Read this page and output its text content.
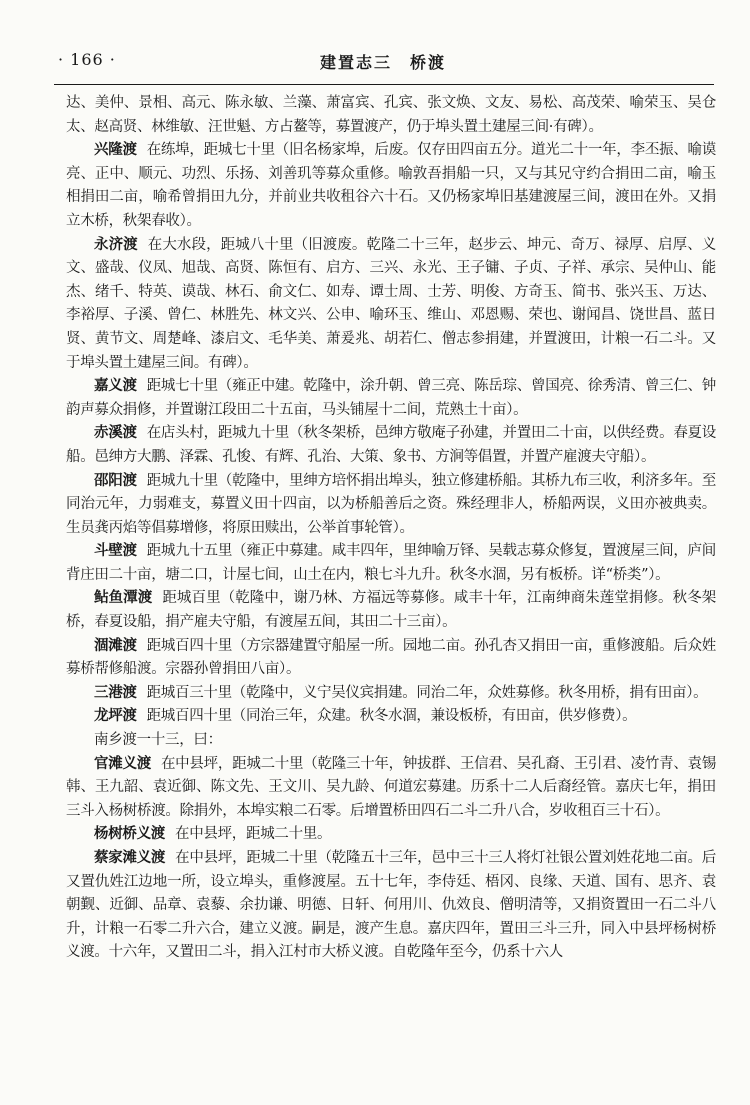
· 166 ·	建置志三　桥渡

达、美仲、景相、高元、陈永敏、兰藻、萧富宾、孔宾、张文焕、文友、易松、高茂荣、喻荣玉、吴仓太、赵高贤、林维敏、汪世魁、方占鳌等，募置渡产，仍于埠头置土建屋三间·有碑）。

兴隆渡 在练埠，距城七十里（旧名杨家埠，后废。仅存田四亩五分。道光二十一年，李丕振、喻谟亮、正中、顺元、功烈、乐扬、刘善玑等募众重修。喻敦吾捐船一只，又与其兄守约合捐田二亩，喻玉相捐田二亩，喻希曾捐田九分，并前业共收租谷六十石。又仍杨家埠旧基建渡屋三间，渡田在外。又捐立木桥，秋架春收）。

永济渡 在大水段，距城八十里（旧渡废。乾隆二十三年，赵步云、坤元、奇万、禄厚、启厚、义文、盛哉、仪凤、旭哉、高贤、陈恒有、启方、三兴、永光、王子镛、子贞、子祥、承宗、吴仲山、能杰、绪千、特英、谟哉、林石、俞文仁、如寿、谭士周、士芳、明俊、方奇玉、简书、张兴玉、万达、李裕厚、子溪、曾仁、林胜先、林文兴、公申、喻环玉、维山、邓恩赐、荣也、谢闻昌、饶世昌、蓝日贤、黄节文、周楚峰、漆启文、毛华美、萧爰兆、胡若仁、僧志参捐建，并置渡田，计粮一石二斗。又于埠头置土建屋三间。有碑）。

嘉义渡 距城七十里（雍正中建。乾隆中，涂升朝、曾三亮、陈岳琮、曾国亮、徐秀清、曾三仁、钟韵声募众捐修，并置谢江段田二十五亩，马头铺屋十二间，荒熟土十亩）。

赤溪渡 在店头村，距城九十里（秋冬架桥，邑绅方敬庵子孙建，并置田二十亩，以供经费。春夏设船。邑绅方大鹏、泽霖、孔悛、有辉、孔治、大策、象书、方涧等倡置，并置产雇渡夫守船）。

邵阳渡 距城九十里（乾隆中，里绅方培怀捐出埠头，独立修建桥船。其桥九布三收，利济多年。至同治元年，力弱难支，募置义田十四亩，以为桥船善后之资。殊经理非人，桥船两误，义田亦被典卖。生员龚丙焰等倡募增修，将原田赎出，公举首事轮管）。

斗壁渡 距城九十五里（雍正中募建。咸丰四年，里绅喻万铎、吴载志募众修复，置渡屋三间，庐间背庄田二十亩，塘二口，计屋七间，山土在内，粮七斗九升。秋冬水涸，另有板桥。详“桥类”）。

鲇鱼潭渡 距城百里（乾隆中，谢乃林、方福远等募修。咸丰十年，江南绅商朱莲堂捐修。秋冬架桥，春夏设船，捐产雇夫守船，有渡屋五间，其田二十三亩）。

涸滩渡 距城百四十里（方宗器建置守船屋一所。园地二亩。孙孔杏又捐田一亩，重修渡船。后众姓募桥帮修船渡。宗器孙曾捐田八亩）。

三港渡 距城百三十里（乾隆中，义宁吴仪宾捐建。同治二年，众姓募修。秋冬用桥，捐有田亩）。

龙坪渡 距城百四十里（同治三年，众建。秋冬水涸，兼设板桥，有田亩，供岁修费）。

南乡渡一十三，曰：

官滩义渡 在中县坪，距城二十里（乾隆三十年，钟拔群、王信君、吴孔裔、王引君、凌竹青、袁锡韩、王九韶、袁近御、陈文先、王文川、吴九龄、何道宏募建。历系十二人后裔经管。嘉庆七年，捐田三斗入杨树桥渡。除捐外，本埠实粮二石零。后增置桥田四石二斗二升八合，岁收租百三十石）。

杨树桥义渡 在中县坪，距城二十里。

蔡家滩义渡 在中县坪，距城二十里（乾隆五十三年，邑中三十三人将灯社银公置刘姓花地二亩。后又置仇姓江边地一所，设立埠头，重修渡屋。五十七年，李侍廷、梧冈、良缘、天道、国有、思齐、袁朝觐、近御、品章、袁藜、余扐谦、明德、日轩、何用川、仇效良、僧明清等，又捐资置田一石二斗八升，计粮一石零二升六合，建立义渡。嗣是，渡产生息。嘉庆四年，置田三斗三升，同入中县坪杨树桥义渡。十六年，又置田二斗，捐入江村市大桥义渡。自乾隆年至今，仍系十六人
